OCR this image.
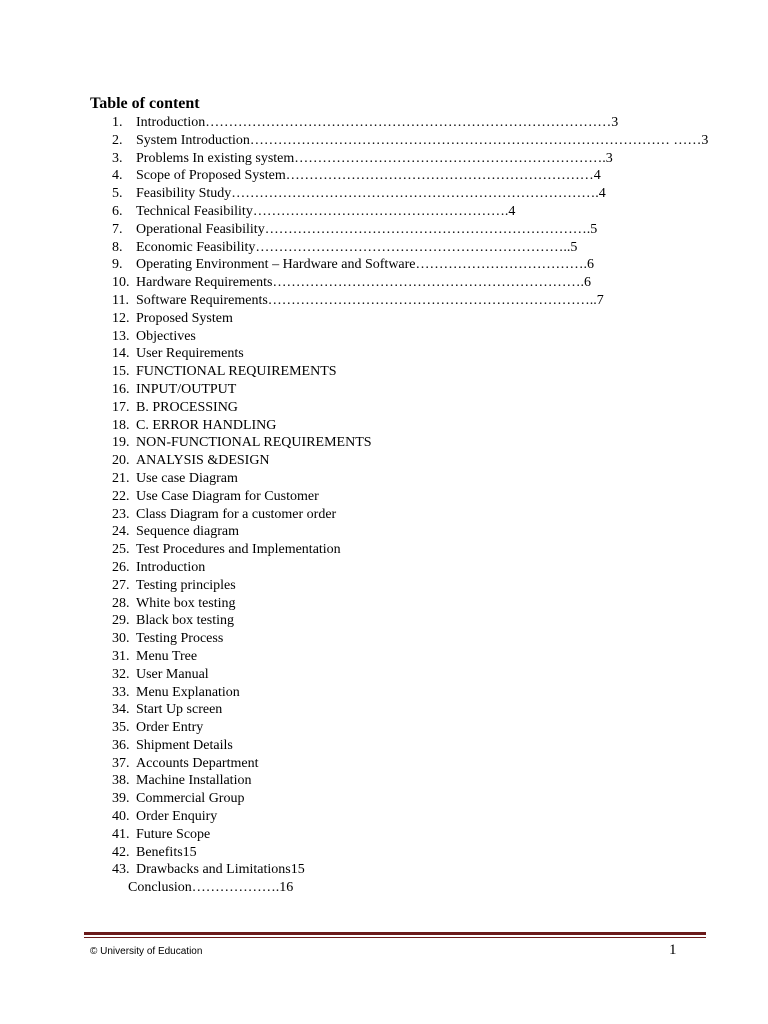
Table of content
1. Introduction……………………………………………………………………………3
2. System Introduction……………………………………………………………………………… ……3
3. Problems In existing system………………………………………………………….3
4. Scope of Proposed System…………………………………………………………4
5. Feasibility Study…………………………………………………………………….4
6. Technical Feasibility……………………………………………….4
7. Operational Feasibility…………………………………………………………….5
8. Economic Feasibility…………………………………………………………..5
9. Operating Environment – Hardware and Software……………………………….6
10. Hardware Requirements………………………………………………………….6
11. Software Requirements……………………………………………………………..7
12. Proposed System
13. Objectives
14. User Requirements
15. FUNCTIONAL REQUIREMENTS
16. INPUT/OUTPUT
17. B. PROCESSING
18. C. ERROR HANDLING
19. NON-FUNCTIONAL REQUIREMENTS
20. ANALYSIS &DESIGN
21. Use case Diagram
22. Use Case Diagram for Customer
23. Class Diagram for a customer order
24. Sequence diagram
25. Test Procedures and Implementation
26. Introduction
27. Testing principles
28. White box testing
29. Black box testing
30. Testing Process
31. Menu Tree
32. User Manual
33. Menu Explanation
34. Start Up screen
35. Order Entry
36. Shipment Details
37. Accounts Department
38. Machine Installation
39. Commercial Group
40. Order Enquiry
41. Future Scope
42. Benefits15
43. Drawbacks and Limitations15
Conclusion……………….16
© University of Education	1
